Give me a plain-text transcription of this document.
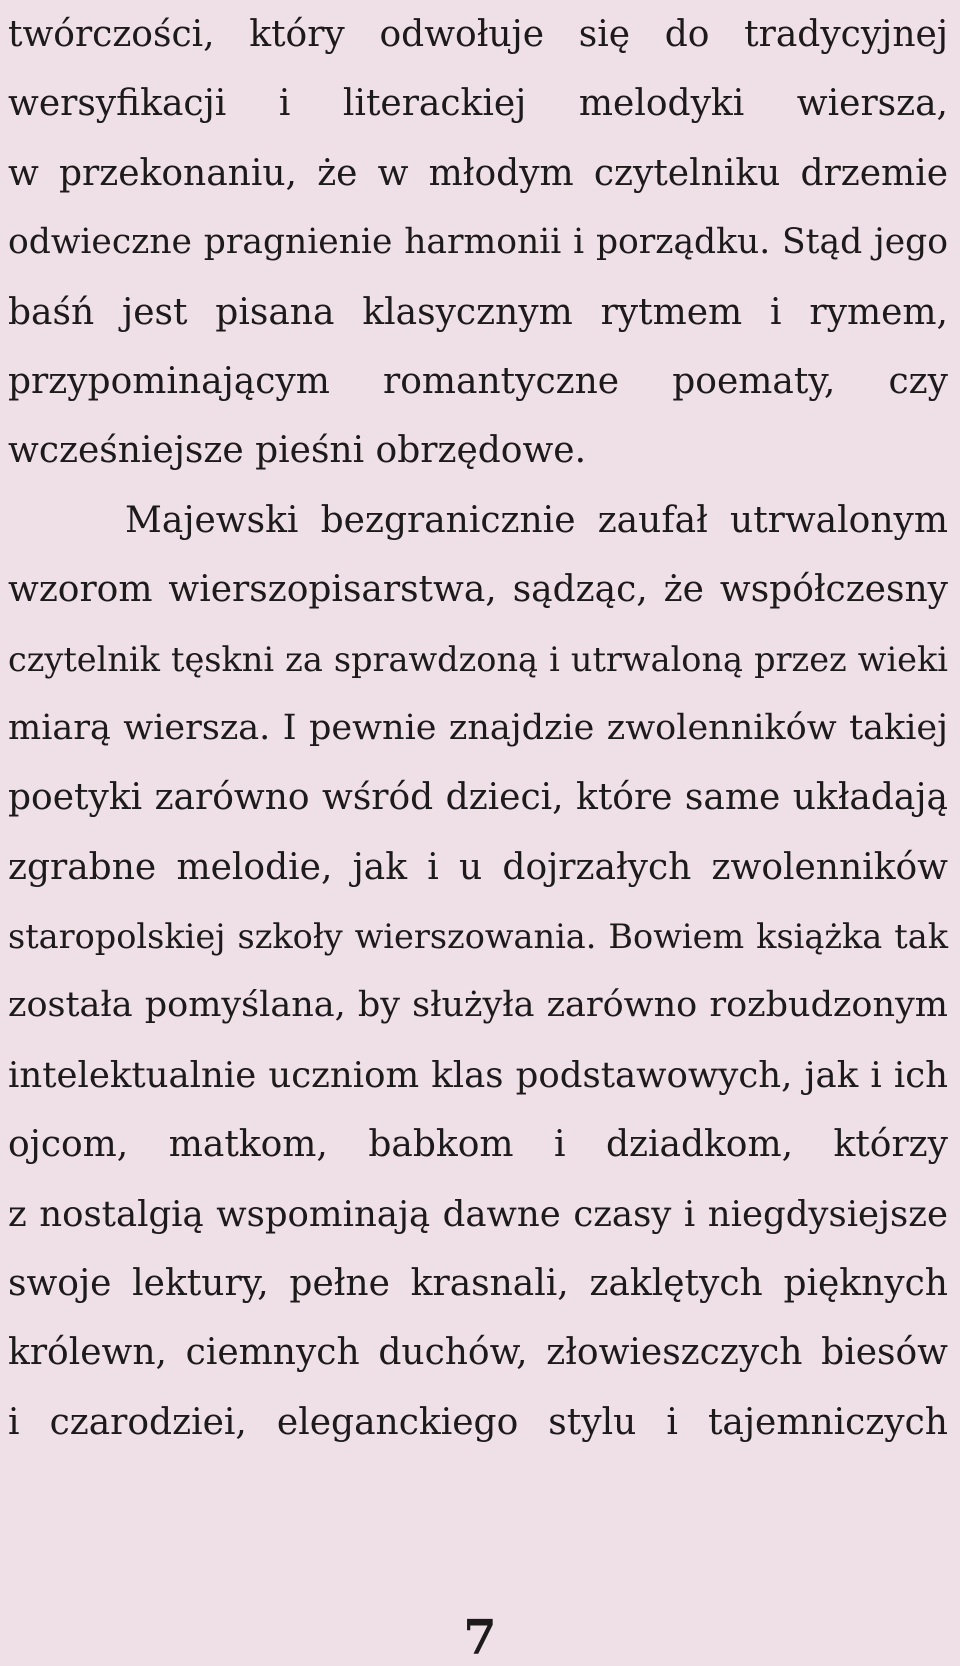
twórczości, który odwołuje się do tradycyjnej
wersyfikacji i literackiej melodyki wiersza,
w przekonaniu, że w młodym czytelniku drzemie
odwieczne pragnienie harmonii i porządku. Stąd jego
baśń jest pisana klasycznym rytmem i rymem,
przypominającym romantyczne poematy, czy
wcześniejsze pieśni obrzędowe.
Majewski bezgranicznie zaufał utrwalonym
wzorom wierszopisarstwa, sądząc, że współczesny
czytelnik tęskni za sprawdzoną i utrwaloną przez wieki
miarą wiersza. I pewnie znajdzie zwolenników takiej
poetyki zarówno wśród dzieci, które same układają
zgrabne melodie, jak i u dojrzałych zwolenników
staropolskiej szkoły wierszowania. Bowiem książka tak
została pomyślana, by służyła zarówno rozbudzonym
intelektualnie uczniom klas podstawowych, jak i ich
ojcom, matkom, babkom i dziadkom, którzy
z nostalgią wspominają dawne czasy i niegdysiejsze
swoje lektury, pełne krasnali, zaklętych pięknych
królewn, ciemnych duchów, złowieszczych biesów
i czarodziei, eleganckiego stylu i tajemniczych
7
